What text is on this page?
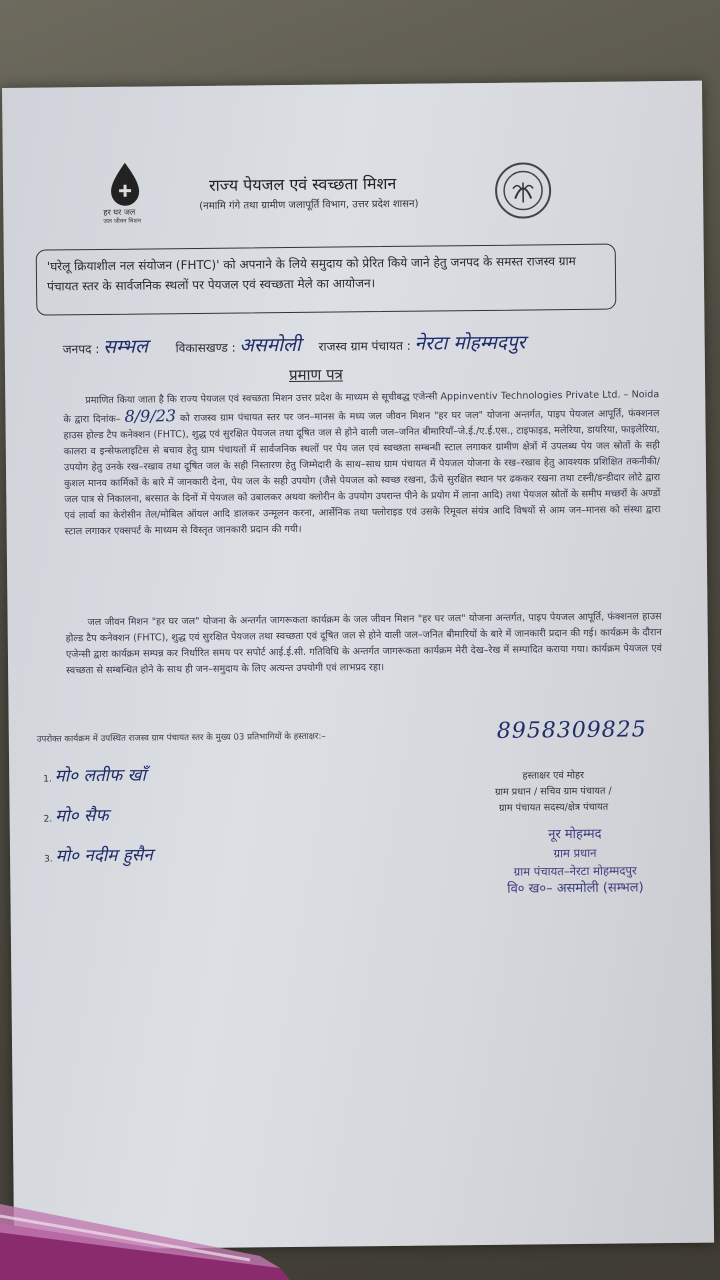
हर घर जल
जल जीवन मिशन
राज्य पेयजल एवं स्वच्छता मिशन
(नमामि गंगे तथा ग्रामीण जलापूर्ति विभाग, उत्तर प्रदेश शासन)
'घरेलू क्रियाशील नल संयोजन (FHTC)' को अपनाने के लिये समुदाय को प्रेरित किये जाने हेतु जनपद के समस्त राजस्व ग्राम पंचायत स्तर के सार्वजनिक स्थलों पर पेयजल एवं स्वच्छता मेले का आयोजन।
जनपद : सम्भल विकासखण्ड : असमोली राजस्व ग्राम पंचायत : नेरटा मोहम्मदपुर
प्रमाण पत्र

प्रमाणित किया जाता है कि राज्य पेयजल एवं स्वच्छता मिशन उत्तर प्रदेश के माध्यम से सूचीबद्ध एजेन्सी Appinventiv Technologies Private Ltd. – Noida के द्वारा दिनांक– 8/9/23 को राजस्व ग्राम पंचायत स्तर पर जन–मानस के मध्य जल जीवन मिशन "हर घर जल" योजना अन्तर्गत, पाइप पेयजल आपूर्ति, फंक्शनल हाउस होल्ड टैप कनेक्शन (FHTC), शुद्ध एवं सुरक्षित पेयजल तथा दूषित जल से होने वाली जल–जनित बीमारियाँ–जे.ई./ए.ई.एस., टाइफाइड, मलेरिया, डायरिया, फाइलेरिया, कालरा व इन्सेफलाइटिस से बचाव हेतु ग्राम पंचायतों में सार्वजनिक स्थलों पर पेय जल एवं स्वच्छता सम्बन्धी स्टाल लगाकर ग्रामीण क्षेत्रों में उपलब्ध पेय जल स्रोतों के सही उपयोग हेतु उनके रख–रखाव तथा दूषित जल के सही निस्तारण हेतु जिम्मेदारी के साथ–साथ ग्राम पंचायत में पेयजल योजना के रख–रखाव हेतु आवश्यक प्रशिक्षित तकनीकी/कुशल मानव कार्मिकों के बारे में जानकारी देना, पेय जल के सही उपयोग (जैसे पेयजल को स्वच्छ रखना, ऊँचे सुरक्षित स्थान पर ढककर रखना तथा टस्नी/डन्डीदार लोटे द्वारा जल पात्र से निकालना, बरसात के दिनों में पेयजल को उबालकर अथवा क्लोरीन के उपयोग उपरान्त पीने के प्रयोग में लाना आदि) तथा पेयजल स्रोतों के समीप मच्छरों के अण्डों एवं लार्वा का केरोसीन तेल/मोबिल ऑयल आदि डालकर उन्मूलन करना, आर्सेनिक तथा फ्लोराइड एवं उसके रिमूवल संयंत्र आदि विषयों से आम जन–मानस को संस्था द्वारा स्टाल लगाकर एक्सपर्ट के माध्यम से विस्तृत जानकारी प्रदान की गयी।

जल जीवन मिशन "हर घर जल" योजना के अन्तर्गत जागरूकता कार्यक्रम के जल जीवन मिशन "हर घर जल" योजना अन्तर्गत, पाइप पेयजल आपूर्ति, फंक्शनल हाउस होल्ड टैप कनेक्शन (FHTC), शुद्ध एवं सुरक्षित पेयजल तथा स्वच्छता एवं दूषित जल से होने वाली जल–जनित बीमारियों के बारे में जानकारी प्रदान की गई। कार्यक्रम के दौरान एजेन्सी द्वारा कार्यक्रम सम्पन्न कर निर्धारित समय पर सपोर्ट आई.ई.सी. गतिविधि के अन्तर्गत जागरूकता कार्यक्रम मेरी देख–रेख में सम्पादित कराया गया। कार्यक्रम पेयजल एवं स्वच्छता से सम्बन्धित होने के साथ ही जन–समुदाय के लिए अत्यन्त उपयोगी एवं लाभप्रद रहा।

8958309825
उपरोक्त कार्यक्रम में उपस्थित राजस्व ग्राम पंचायत स्तर के मुख्य 03 प्रतिभागियों के हस्ताक्षर:–
1. मो० लतीफ खाँ
2. मो० सैफ
3. मो० नदीम हुसैन
हस्ताक्षर एवं मोहर
ग्राम प्रधान / सचिव ग्राम पंचायत /
ग्राम पंचायत सदस्य/क्षेत्र पंचायत
नूर मोहम्मद
ग्राम प्रधान
ग्राम पंचायत–नेरटा मोहम्मदपुर
वि० ख०– असमोली (सम्भल)
